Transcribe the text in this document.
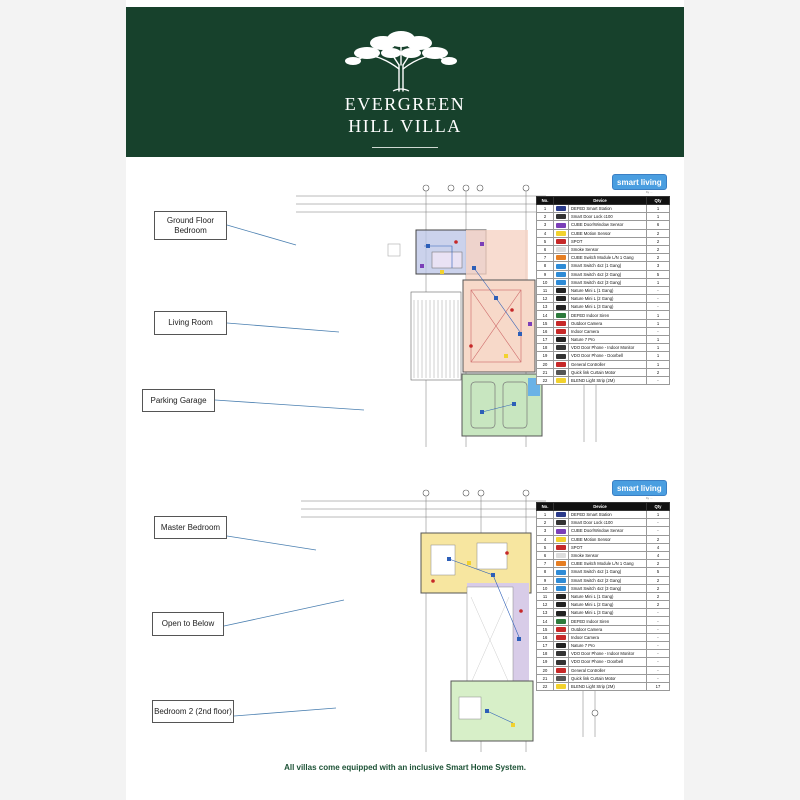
EVERGREEN
HILL VILLA
Ground Floor Bedroom
Living Room
Parking Garage
smart living
by ...
No.	Device		Qty
1		DEFED Smart Station	1
2		Smart Door Lock c100	1
3		CUBE Door/Window Sensor	6
4		CUBE Motion Sensor	2
5		SPOT	2
6		Smoke Sensor	2
7		CUBE Switch Module L/N 1 Gang	2
8		Smart Switch 4x2 (1 Gang)	3
9		Smart Switch 4x2 (2 Gang)	5
10		Smart Switch 4x2 (3 Gang)	1
11		Nature Mini L (1 Gang)	-
12		Nature Mini L (2 Gang)	-
13		Nature Mini L (3 Gang)	-
14		DEFED Indoor Siren	1
15		Outdoor Camera	1
16		Indoor Camera	-
17		Nature 7 Pro	1
18		VDO Door Phone - Indoor Monitor	1
19		VDO Door Phone - Doorbell	1
20		General Controller	1
21		Quick link Curtain Motor	2
22		BLEND Light Strip (2M)	-
Master Bedroom
Open to Below
Bedroom 2 (2nd floor)
smart living
by ...
No.	Device		Qty
1		DEFED Smart Station	1
2		Smart Door Lock c100	-
3		CUBE Door/Window Sensor	-
4		CUBE Motion Sensor	2
5		SPOT	4
6		Smoke Sensor	4
7		CUBE Switch Module L/N 1 Gang	2
8		Smart Switch 4x2 (1 Gang)	5
9		Smart Switch 4x2 (2 Gang)	2
10		Smart Switch 4x2 (3 Gang)	2
11		Nature Mini L (1 Gang)	2
12		Nature Mini L (2 Gang)	2
13		Nature Mini L (3 Gang)	-
14		DEFED Indoor Siren	-
15		Outdoor Camera	-
16		Indoor Camera	-
17		Nature 7 Pro	-
18		VDO Door Phone - Indoor Monitor	-
19		VDO Door Phone - Doorbell	-
20		General Controller	-
21		Quick link Curtain Motor	-
22		BLEND Light Strip (2M)	17
All villas come equipped with an inclusive Smart Home System.
